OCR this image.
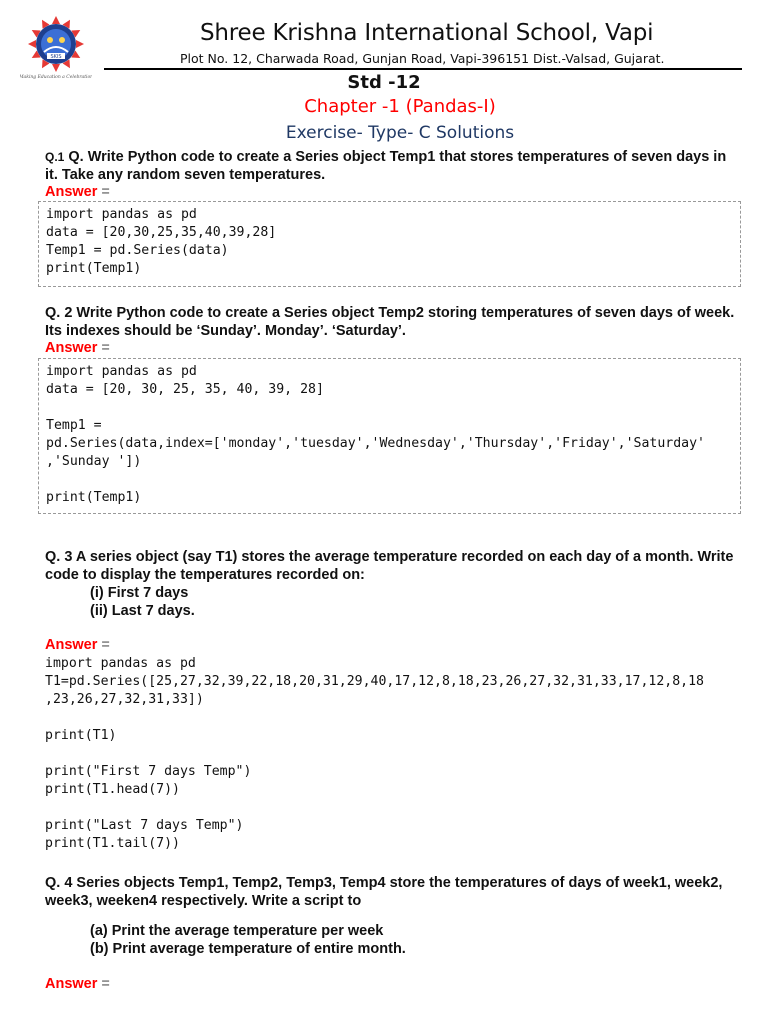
SKIS
Making Education a Celebration
Shree Krishna International School, Vapi
Plot No. 12, Charwada Road, Gunjan Road, Vapi-396151 Dist.-Valsad, Gujarat.
Std -12
Chapter -1 (Pandas-I)
Exercise- Type- C Solutions
Q.1 Q. Write Python code to create a Series object Temp1 that stores temperatures of seven days in it. Take any random seven temperatures.
Answer =
import pandas as pd
data = [20,30,25,35,40,39,28]
Temp1 = pd.Series(data)
print(Temp1)
Q. 2 Write Python code to create a Series object Temp2 storing temperatures of seven days of week. Its indexes should be ‘Sunday’. Monday’. ‘Saturday’.
Answer =
import pandas as pd
data = [20, 30, 25, 35, 40, 39, 28]

Temp1 =
pd.Series(data,index=['monday','tuesday','Wednesday','Thursday','Friday','Saturday'
,'Sunday '])

print(Temp1)
Q. 3 A series object (say T1) stores the average temperature recorded on each day of a month. Write code to display the temperatures recorded on:
(i) First 7 days
(ii) Last 7 days.
Answer =
import pandas as pd
T1=pd.Series([25,27,32,39,22,18,20,31,29,40,17,12,8,18,23,26,27,32,31,33,17,12,8,18
,23,26,27,32,31,33])

print(T1)

print("First 7 days Temp")
print(T1.head(7))

print("Last 7 days Temp")
print(T1.tail(7))
Q. 4 Series objects Temp1, Temp2, Temp3, Temp4 store the temperatures of days of week1, week2, week3, weeken4 respectively. Write a script to
(a) Print the average temperature per week
(b) Print average temperature of entire month.
Answer =
